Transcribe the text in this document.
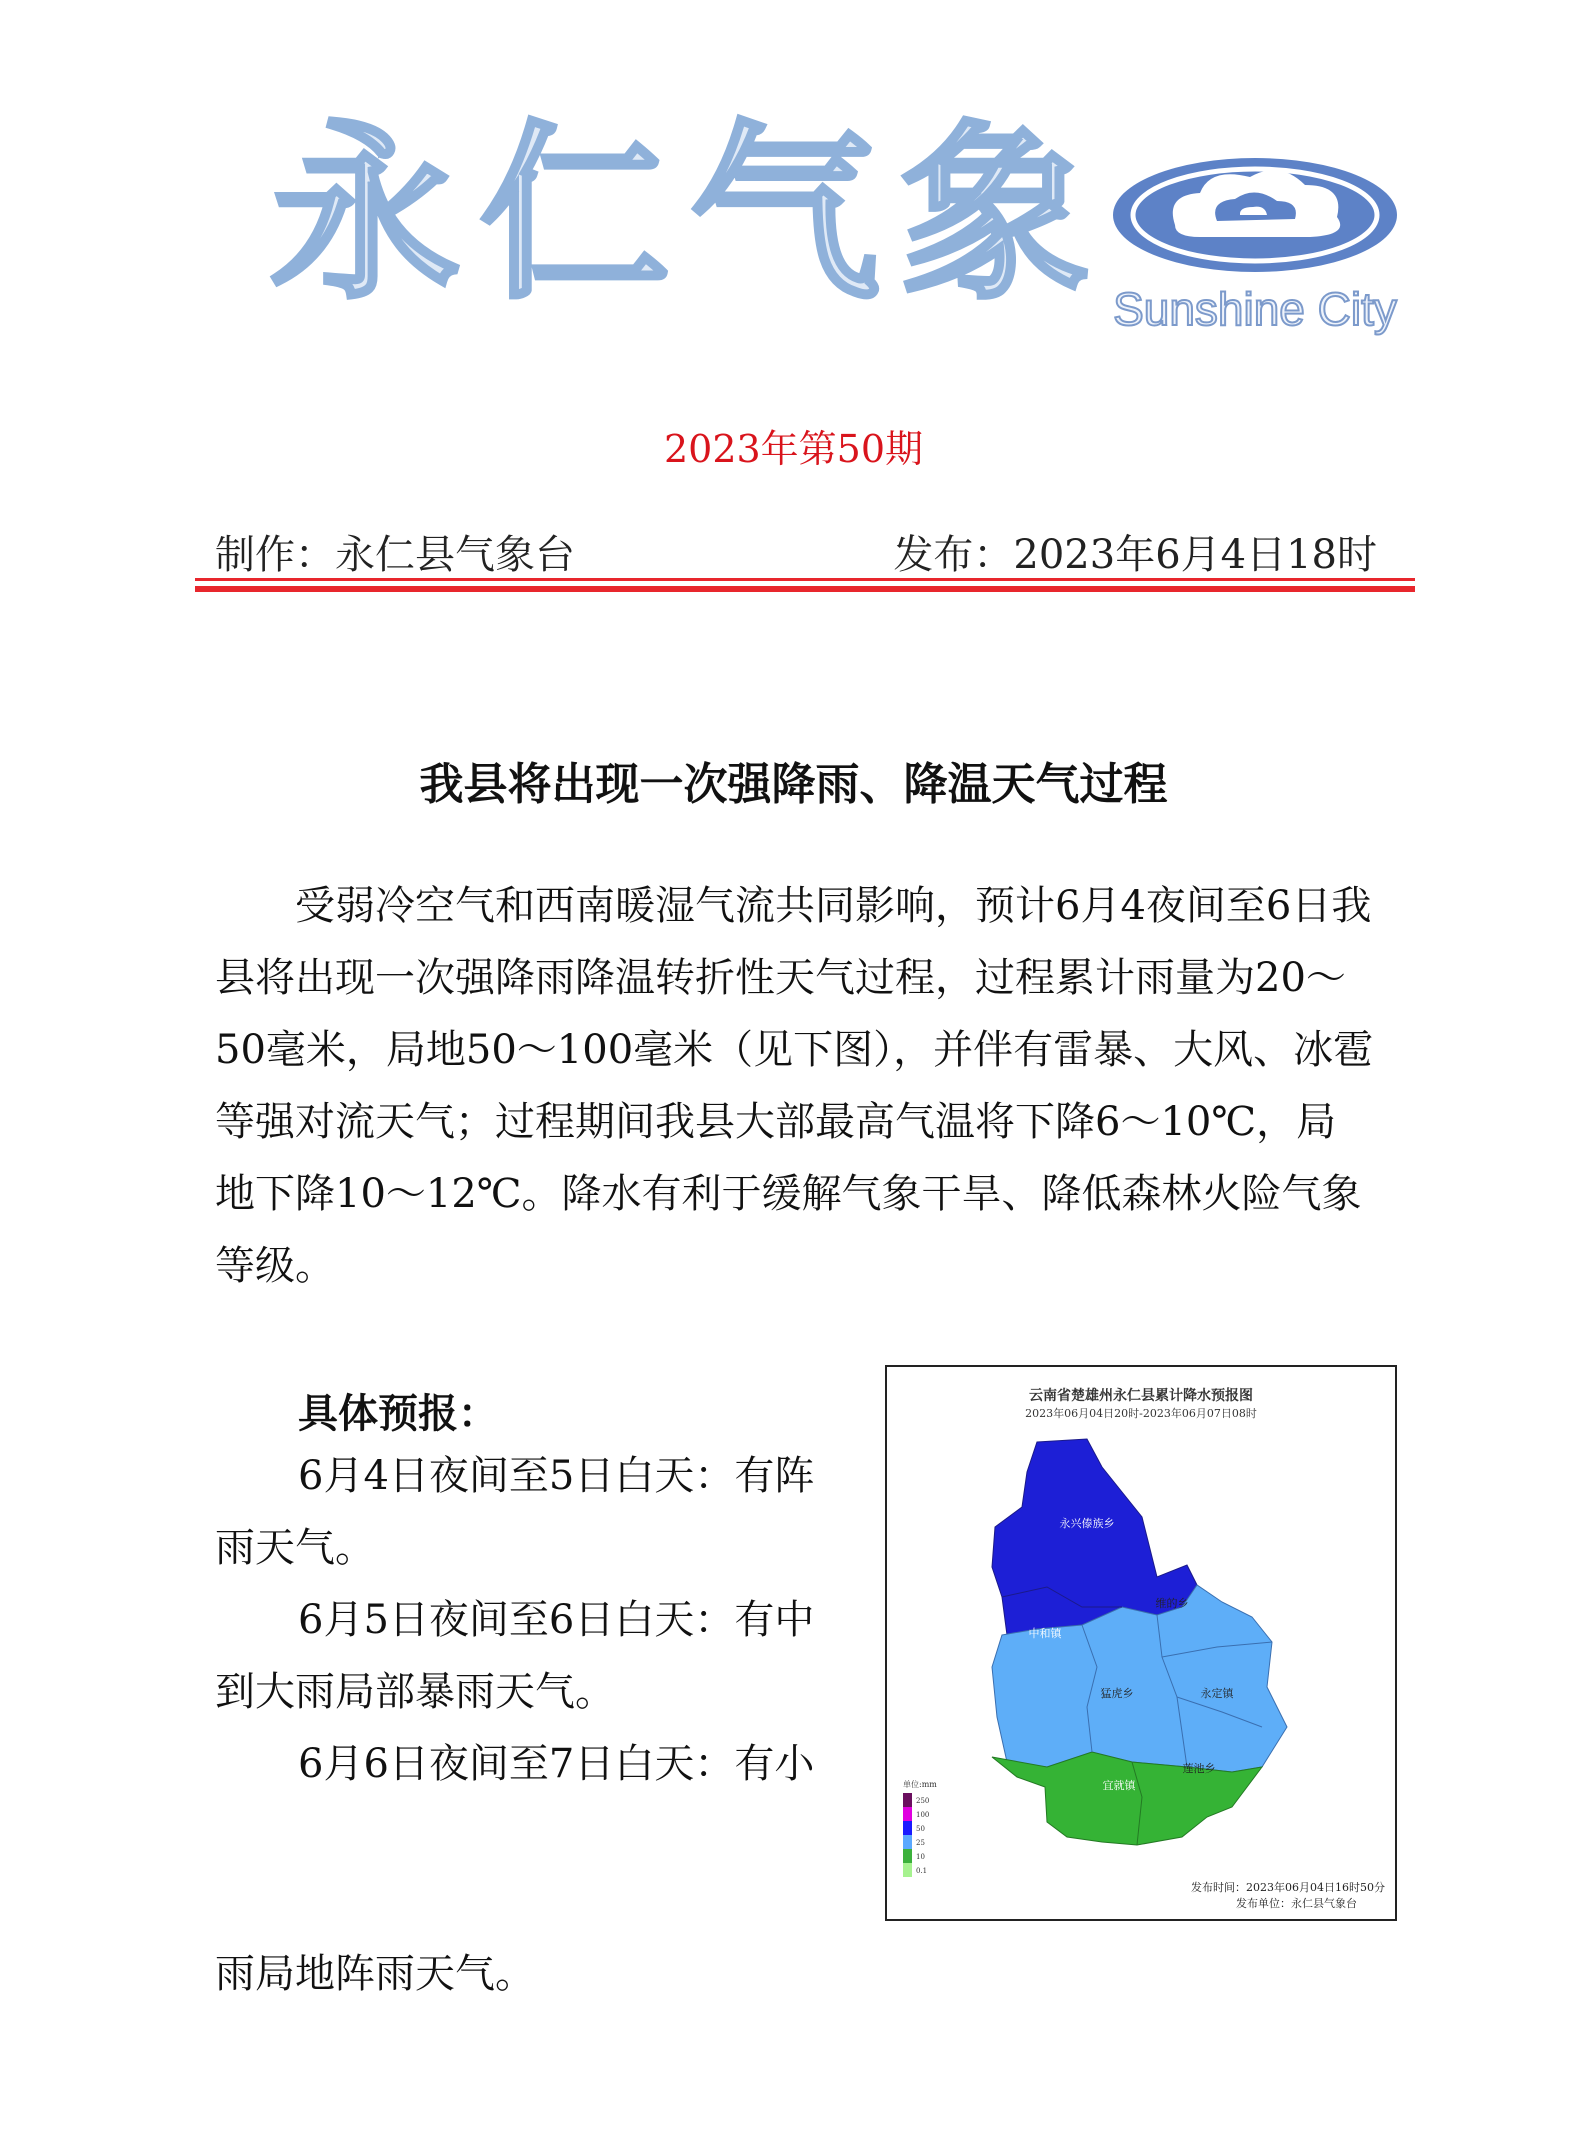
永仁气象 Sunshine City
2023年第50期
制作：永仁县气象台	发布：2023年6月4日18时
我县将出现一次强降雨、降温天气过程

受弱冷空气和西南暖湿气流共同影响，预计6月4夜间至6日我县将出现一次强降雨降温转折性天气过程，过程累计雨量为20～50毫米，局地50～100毫米（见下图），并伴有雷暴、大风、冰雹等强对流天气；过程期间我县大部最高气温将下降6～10℃，局地下降10～12℃。降水有利于缓解气象干旱、降低森林火险气象等级。

具体预报：
6月4日夜间至5日白天：有阵
雨天气。
6月5日夜间至6日白天：有中
到大雨局部暴雨天气。
6月6日夜间至7日白天：有小
雨局地阵雨天气。
永兴傣族乡
维的乡
中和镇
猛虎乡	永定镇
莲池乡
宜就镇
单位:mm
250
100
50
25
10
0.1
云南省楚雄州永仁县累计降水预报图
2023年06月04日20时-2023年06月07日08时
发布时间：2023年06月04日16时50分
发布单位：永仁县气象台
